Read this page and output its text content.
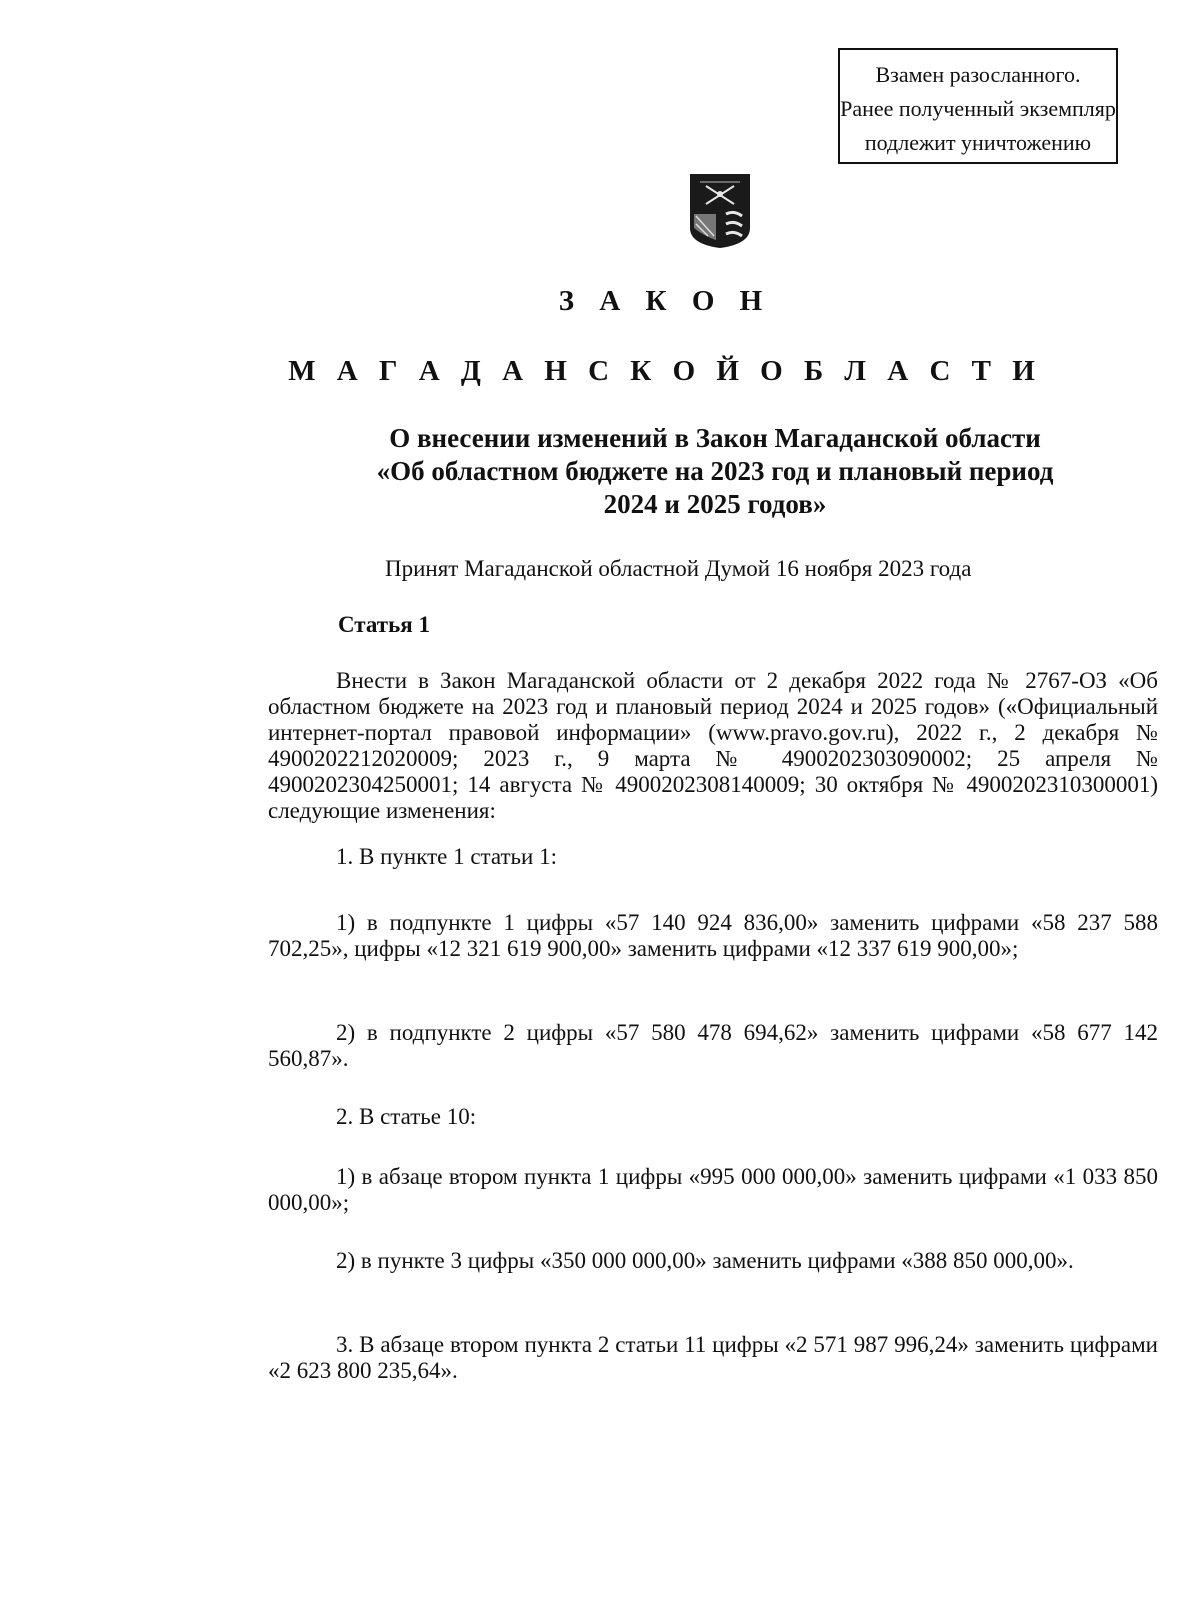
Взамен разосланного.
Ранее полученный экземпляр
подлежит уничтожению
З А К О Н
М А Г А Д А Н С К О Й О Б Л А С Т И
О внесении изменений в Закон Магаданской области
«Об областном бюджете на 2023 год и плановый период
2024 и 2025 годов»
Принят Магаданской областной Думой 16 ноября 2023 года
Статья 1
Внести в Закон Магаданской области от 2 декабря 2022 года № 2767-ОЗ «Об областном бюджете на 2023 год и плановый период 2024 и 2025 годов» («Официальный интернет-портал правовой информации» (www.pravo.gov.ru), 2022 г., 2 декабря № 4900202212020009; 2023 г., 9 марта № 4900202303090002; 25 апреля № 4900202304250001; 14 августа № 4900202308140009; 30 октября № 4900202310300001) следующие изменения:
1. В пункте 1 статьи 1:
1) в подпункте 1 цифры «57 140 924 836,00» заменить цифрами «58 237 588 702,25», цифры «12 321 619 900,00» заменить цифрами «12 337 619 900,00»;
2) в подпункте 2 цифры «57 580 478 694,62» заменить цифрами «58 677 142 560,87».
2. В статье 10:
1) в абзаце втором пункта 1 цифры «995 000 000,00» заменить цифрами «1 033 850 000,00»;
2) в пункте 3 цифры «350 000 000,00» заменить цифрами «388 850 000,00».
3. В абзаце втором пункта 2 статьи 11 цифры «2 571 987 996,24» заменить цифрами «2 623 800 235,64».
